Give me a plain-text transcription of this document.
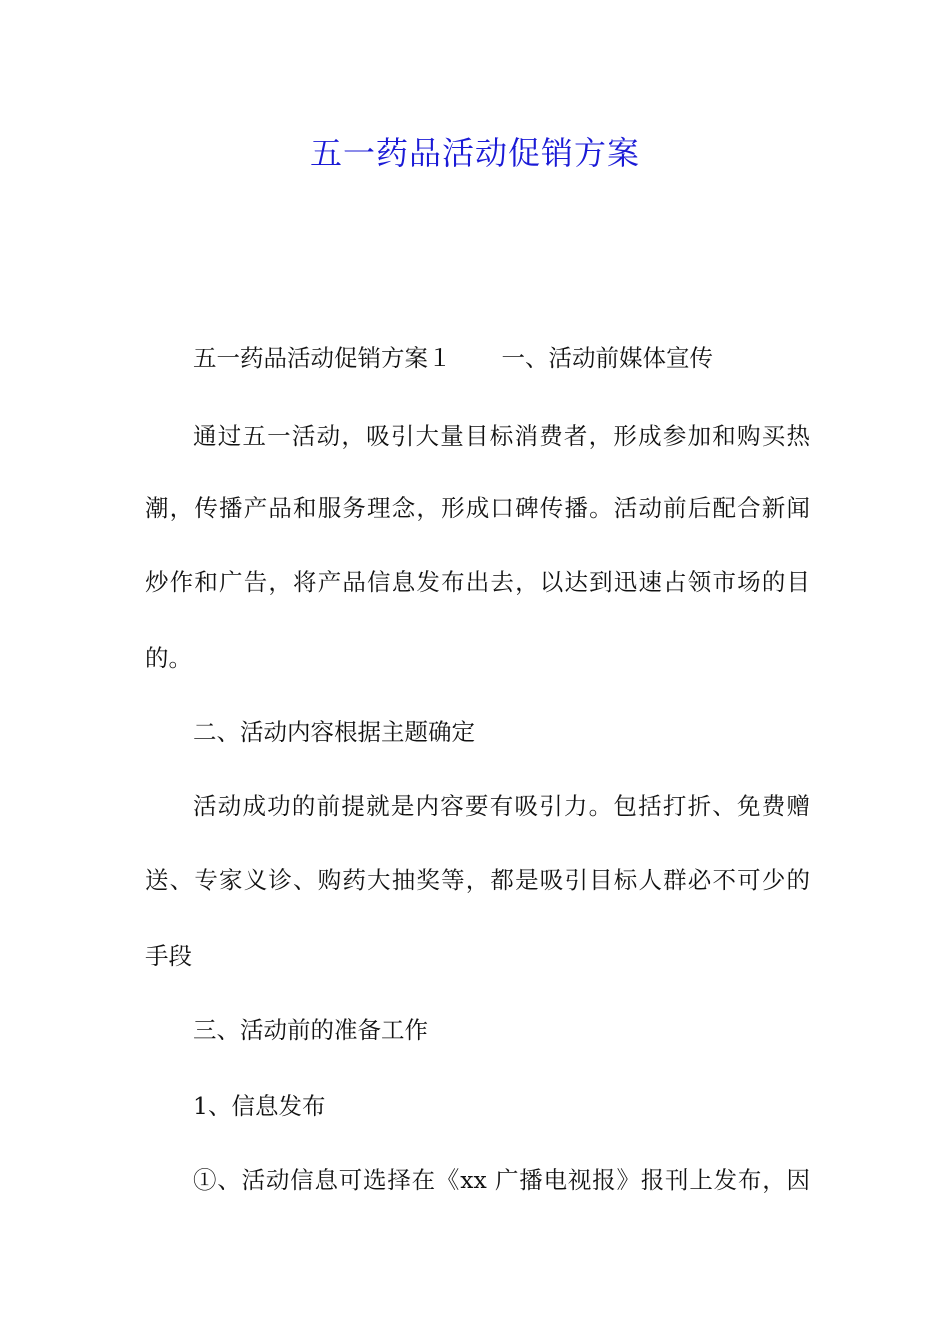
五一药品活动促销方案
五一药品活动促销方案１ 一、活动前媒体宣传
通过五一活动，吸引大量目标消费者，形成参加和购买热
潮，传播产品和服务理念，形成口碑传播。活动前后配合新闻
炒作和广告，将产品信息发布出去，以达到迅速占领市场的目
的。
二、活动内容根据主题确定
活动成功的前提就是内容要有吸引力。包括打折、免费赠
送、专家义诊、购药大抽奖等，都是吸引目标人群必不可少的
手段
三、活动前的准备工作
1、信息发布
①、活动信息可选择在《xx 广播电视报》报刊上发布，因
